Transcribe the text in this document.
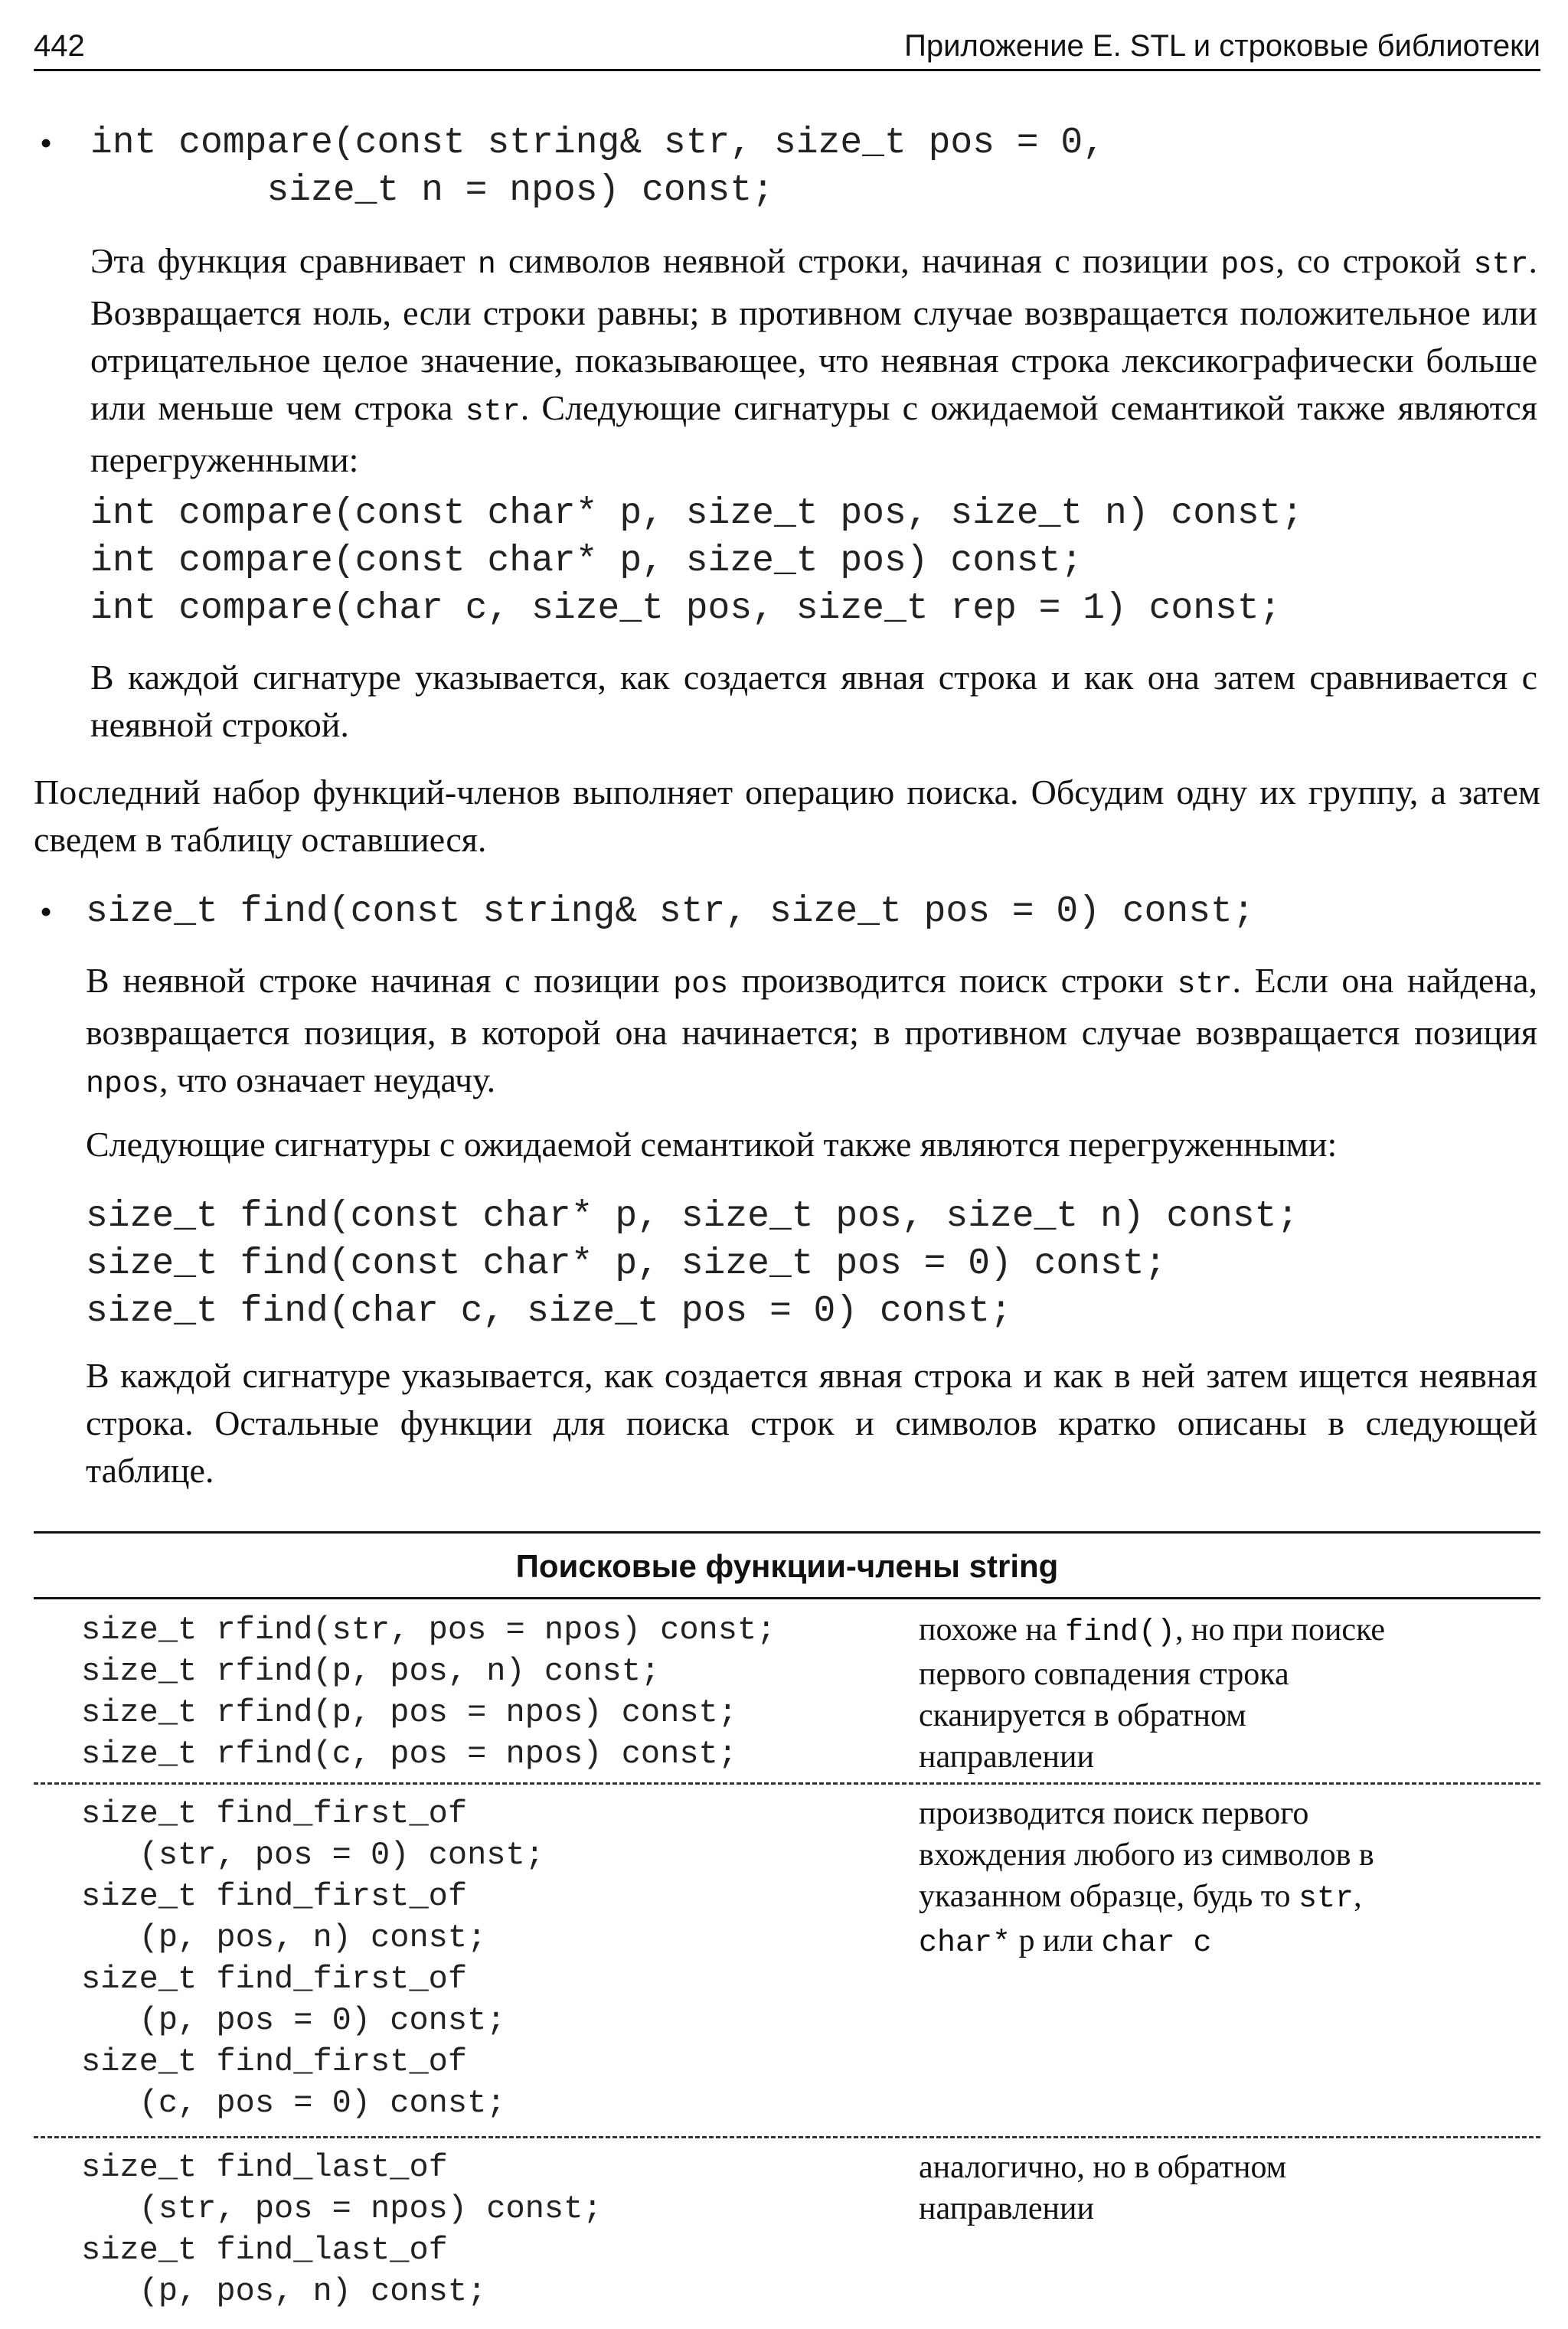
442	Приложение Е. STL и строковые библиотеки
• int compare(const string& str, size_t pos = 0,
size_t n = npos) const;

Эта функция сравнивает n символов неявной строки, начиная с позиции pos, со строкой str. Возвращается ноль, если строки равны; в противном случае возвращается положительное или отрицательное целое значение, показывающее, что неявная строка лексикографически больше или меньше чем строка str. Следующие сигнатуры с ожидаемой семантикой также являются перегруженными:

int compare(const char* p, size_t pos, size_t n) const;
int compare(const char* p, size_t pos) const;
int compare(char c, size_t pos, size_t rep = 1) const;

В каждой сигнатуре указывается, как создается явная строка и как она затем сравнивается с неявной строкой.

Последний набор функций-членов выполняет операцию поиска. Обсудим одну их группу, а затем сведем в таблицу оставшиеся.

• size_t find(const string& str, size_t pos = 0) const;

В неявной строке начиная с позиции pos производится поиск строки str. Если она найдена, возвращается позиция, в которой она начинается; в противном случае возвращается позиция npos, что означает неудачу.

Следующие сигнатуры с ожидаемой семантикой также являются перегруженными:

size_t find(const char* p, size_t pos, size_t n) const;
size_t find(const char* p, size_t pos = 0) const;
size_t find(char c, size_t pos = 0) const;

В каждой сигнатуре указывается, как создается явная строка и как в ней затем ищется неявная строка. Остальные функции для поиска строк и символов кратко описаны в следующей таблице.

Поисковые функции-члены string
size_t rfind(str, pos = npos) const;
size_t rfind(p, pos, n) const;
size_t rfind(p, pos = npos) const;
size_t rfind(c, pos = npos) const;

похоже на find(), но при поиске первого совпадения строка сканируется в обратном направлении

size_t find_first_of
(str, pos = 0) const;
size_t find_first_of
(p, pos, n) const;
size_t find_first_of
(p, pos = 0) const;
size_t find_first_of
(c, pos = 0) const;

производится поиск первого вхождения любого из символов в указанном образце, будь то str, char* p или char c

size_t find_last_of
(str, pos = npos) const;
size_t find_last_of
(p, pos, n) const;

аналогично, но в обратном направлении
